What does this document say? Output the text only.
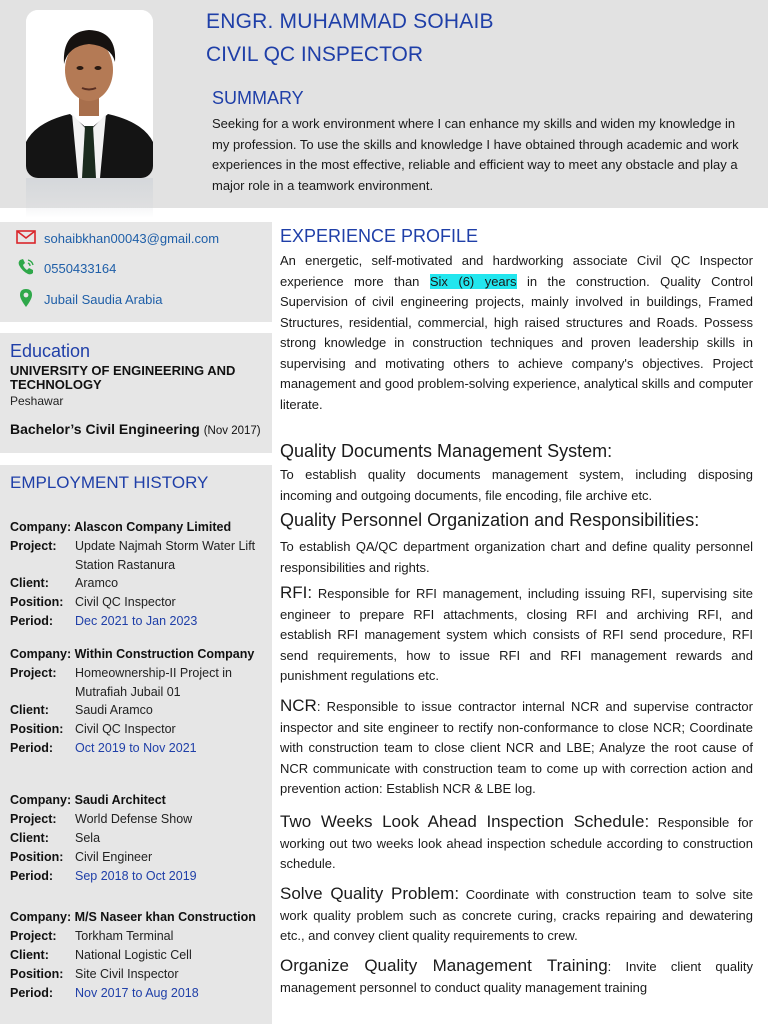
ENGR. MUHAMMAD SOHAIB
CIVIL QC INSPECTOR
SUMMARY
Seeking for a work environment where I can enhance my skills and widen my knowledge in my profession. To use the skills and knowledge I have obtained through academic and work experiences in the most effective, reliable and efficient way to meet any obstacle and play a major role in a teamwork environment.
sohaibkhan00043@gmail.com
0550433164
Jubail Saudia Arabia
Education
UNIVERSITY OF ENGINEERING AND TECHNOLOGY
Peshawar
Bachelor’s Civil Engineering (Nov 2017)
EMPLOYMENT HISTORY
Company: Alascon Company Limited
Project:	Update Najmah Storm Water Lift Station Rastanura
Client:	Aramco
Position: Civil QC Inspector
Period:	Dec 2021 to Jan 2023
Company: Within Construction Company
Project:	Homeownership-II Project in Mutrafiah Jubail 01
Client:	Saudi Aramco
Position: Civil QC Inspector
Period:	Oct 2019 to Nov 2021
Company: Saudi Architect
Project:	World Defense Show
Client:	Sela
Position: Civil Engineer
Period:	Sep 2018 to Oct 2019
Company: M/S Naseer khan Construction
Project:	Torkham Terminal
Client:	National Logistic Cell
Position: Site Civil Inspector
Period:	Nov 2017 to Aug 2018
EXPERIENCE PROFILE
An energetic, self-motivated and hardworking associate Civil QC Inspector experience more than Six (6) years in the construction. Quality Control Supervision of civil engineering projects, mainly involved in buildings, Framed Structures, residential, commercial, high raised structures and Roads. Possess strong knowledge in construction techniques and proven leadership skills in supervising and motivating others to achieve company's objectives. Project management and good problem-solving experience, analytical skills and computer literate.
Quality Documents Management System:
To establish quality documents management system, including disposing incoming and outgoing documents, file encoding, file archive etc.
Quality Personnel Organization and Responsibilities:
To establish QA/QC department organization chart and define quality personnel responsibilities and rights.
RFI: Responsible for RFI management, including issuing RFI, supervising site engineer to prepare RFI attachments, closing RFI and archiving RFI, and establish RFI management system which consists of RFI send procedure, RFI send requirements, how to issue RFI and RFI management rewards and punishment regulations etc.
NCR: Responsible to issue contractor internal NCR and supervise contractor inspector and site engineer to rectify non-conformance to close NCR; Coordinate with construction team to close client NCR and LBE; Analyze the root cause of NCR communicate with construction team to come up with correction action and prevention action: Establish NCR & LBE log.
Two Weeks Look Ahead Inspection Schedule: Responsible for working out two weeks look ahead inspection schedule according to construction schedule.
Solve Quality Problem: Coordinate with construction team to solve site work quality problem such as concrete curing, cracks repairing and dewatering etc., and convey client quality requirements to crew.
Organize Quality Management Training: Invite client quality management personnel to conduct quality management training
